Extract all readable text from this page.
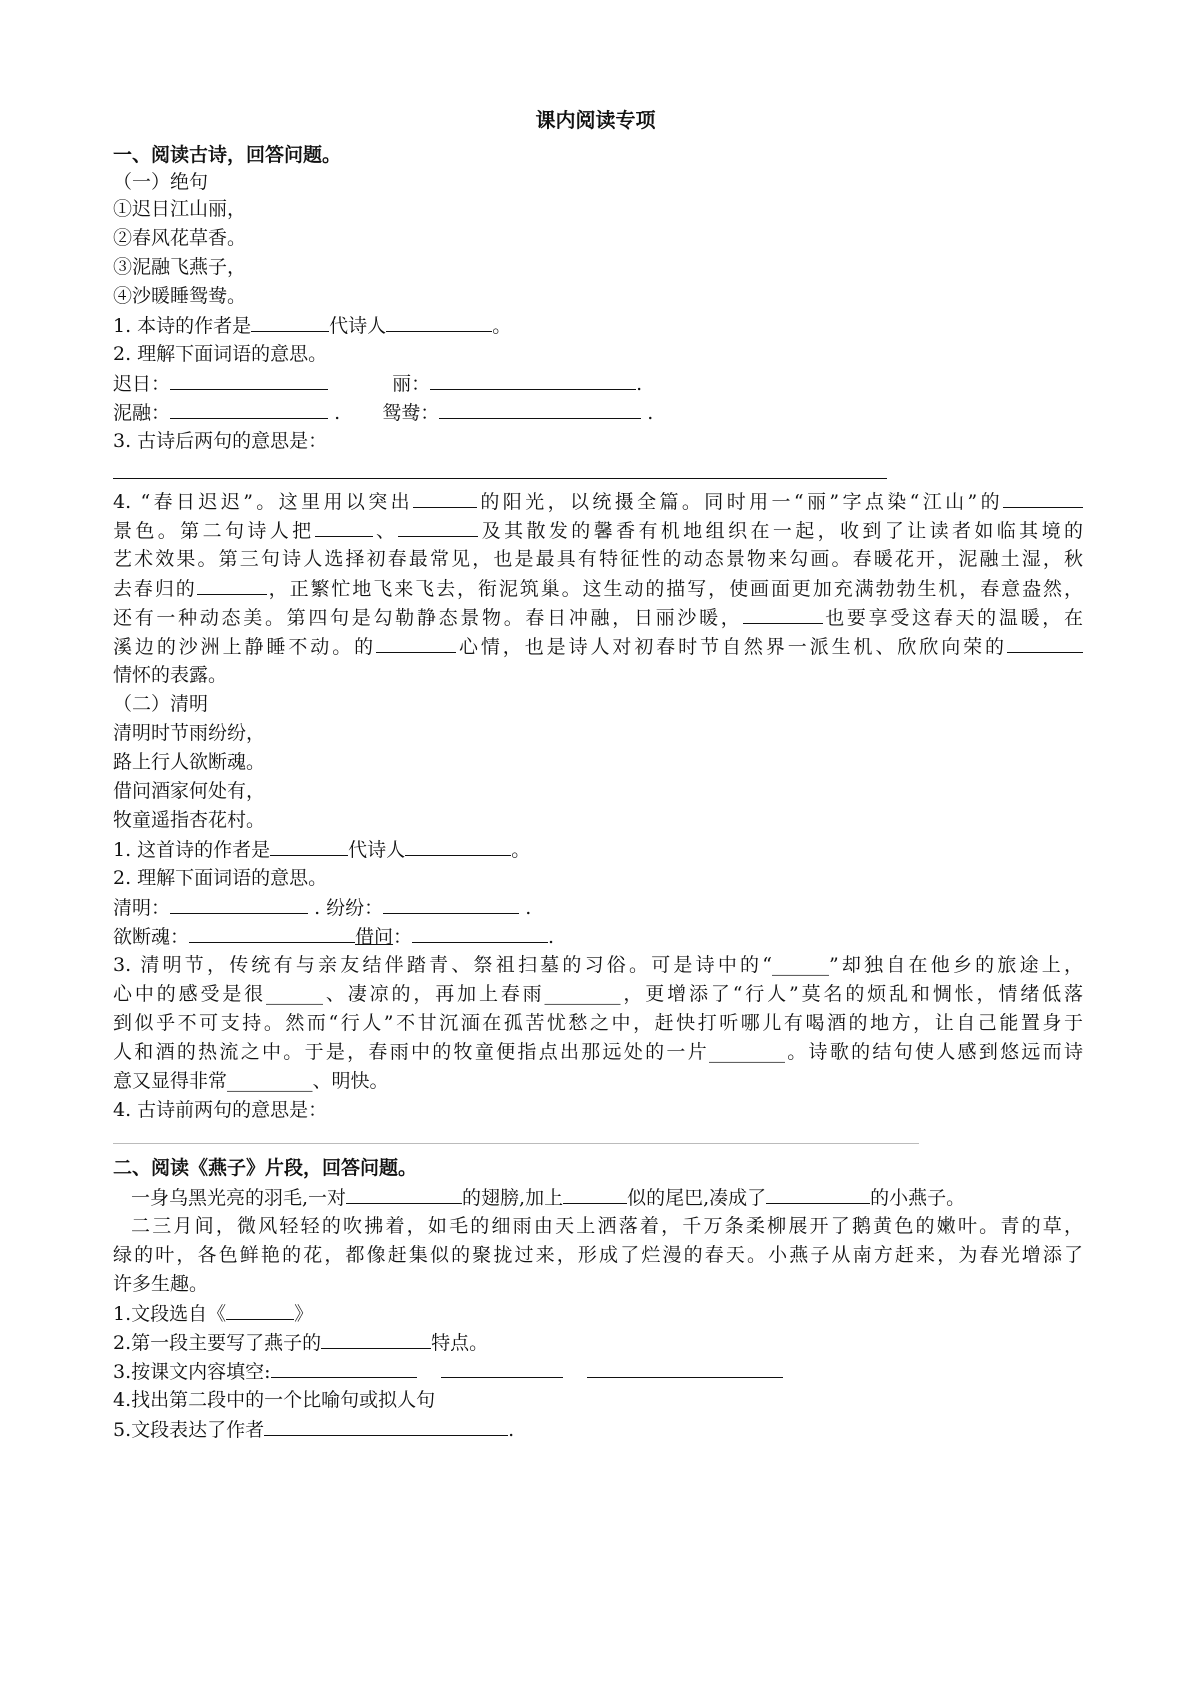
课内阅读专项
一、阅读古诗，回答问题。
（一）绝句
①迟日江山丽，
②春风花草香。
③泥融飞燕子，
④沙暖睡鸳鸯。
1. 本诗的作者是	代诗人	。
2. 理解下面词语的意思。
迟日：	丽：	.
泥融：	. 鸳鸯：	.
3. 古诗后两句的意思是：
4. “春日迟迟”。这里用以突出	的阳光，以统摄全篇。同时用一“丽”字点染“江山”的
景色。第二句诗人把	、	及其散发的馨香有机地组织在一起，收到了让读者如临其境的
艺术效果。第三句诗人选择初春最常见，也是最具有特征性的动态景物来勾画。春暖花开，泥融土湿，秋
去春归的	，正繁忙地飞来飞去，衔泥筑巢。这生动的描写，使画面更加充满勃勃生机，春意盎然，
还有一种动态美。第四句是勾勒静态景物。春日冲融，日丽沙暖，	也要享受这春天的温暖，在
溪边的沙洲上静睡不动。的	心情，也是诗人对初春时节自然界一派生机、欣欣向荣的
情怀的表露。
（二）清明
清明时节雨纷纷，
路上行人欲断魂。
借问酒家何处有，
牧童遥指杏花村。
1. 这首诗的作者是	代诗人	。
2. 理解下面词语的意思。
清明：	. 纷纷：	.
欲断魂：	借问：	.
3. 清明节，传统有与亲友结伴踏青、祭祖扫墓的习俗。可是诗中的“______”却独自在他乡的旅途上，
心中的感受是很______、凄凉的，再加上春雨________，更增添了“行人”莫名的烦乱和惆怅，情绪低落
到似乎不可支持。然而“行人”不甘沉湎在孤苦忧愁之中，赶快打听哪儿有喝酒的地方，让自己能置身于
人和酒的热流之中。于是，春雨中的牧童便指点出那远处的一片________。诗歌的结句使人感到悠远而诗
意又显得非常_________、明快。
4. 古诗前两句的意思是：
二、阅读《燕子》片段，回答问题。
一身乌黑光亮的羽毛,一对	的翅膀,加上	似的尾巴,凑成了	的小燕子。
二三月间，微风轻轻的吹拂着，如毛的细雨由天上洒落着，千万条柔柳展开了鹅黄色的嫩叶。青的草，
绿的叶，各色鲜艳的花，都像赶集似的聚拢过来，形成了烂漫的春天。小燕子从南方赶来，为春光增添了
许多生趣。
1.文段选自《	》
2.第一段主要写了燕子的	特点。
3.按课文内容填空:
4.找出第二段中的一个比喻句或拟人句
5.文段表达了作者	.
